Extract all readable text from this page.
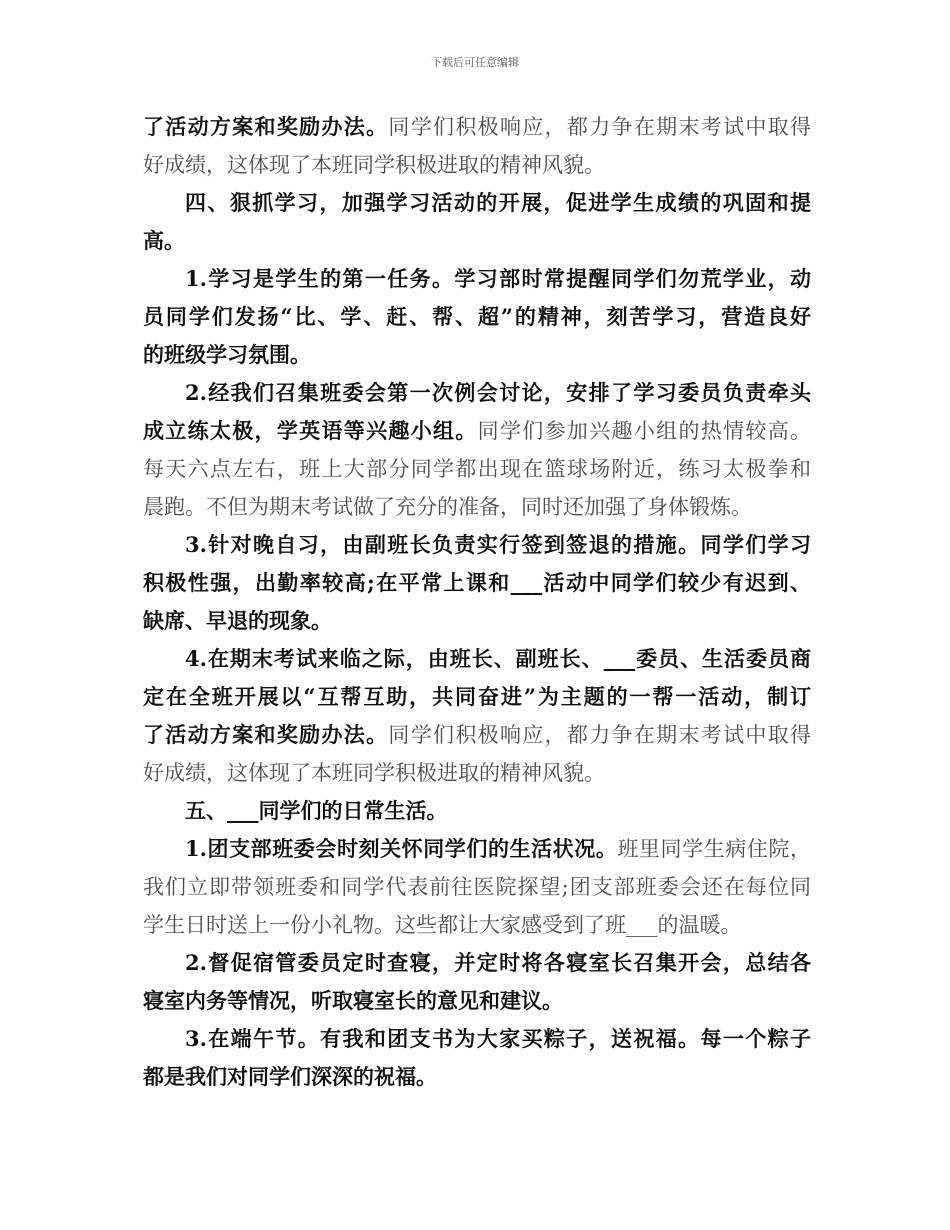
下载后可任意编辑
了活动方案和奖励办法。同学们积极响应，都力争在期末考试中取得
好成绩，这体现了本班同学积极进取的精神风貌。
四、狠抓学习，加强学习活动的开展，促进学生成绩的巩固和提
高。
1.学习是学生的第一任务。学习部时常提醒同学们勿荒学业，动
员同学们发扬“比、学、赶、帮、超”的精神，刻苦学习，营造良好
的班级学习氛围。
2.经我们召集班委会第一次例会讨论，安排了学习委员负责牵头
成立练太极，学英语等兴趣小组。同学们参加兴趣小组的热情较高。
每天六点左右，班上大部分同学都出现在篮球场附近，练习太极拳和
晨跑。不但为期末考试做了充分的准备，同时还加强了身体锻炼。
3.针对晚自习，由副班长负责实行签到签退的措施。同学们学习
积极性强，出勤率较高;在平常上课和___活动中同学们较少有迟到、
缺席、早退的现象。
4.在期末考试来临之际，由班长、副班长、___委员、生活委员商
定在全班开展以“互帮互助，共同奋进”为主题的一帮一活动，制订
了活动方案和奖励办法。同学们积极响应，都力争在期末考试中取得
好成绩，这体现了本班同学积极进取的精神风貌。
五、___同学们的日常生活。
1.团支部班委会时刻关怀同学们的生活状况。班里同学生病住院，
我们立即带领班委和同学代表前往医院探望;团支部班委会还在每位同
学生日时送上一份小礼物。这些都让大家感受到了班___的温暖。
2.督促宿管委员定时查寝，并定时将各寝室长召集开会，总结各
寝室内务等情况，听取寝室长的意见和建议。
3.在端午节。有我和团支书为大家买粽子，送祝福。每一个粽子
都是我们对同学们深深的祝福。
